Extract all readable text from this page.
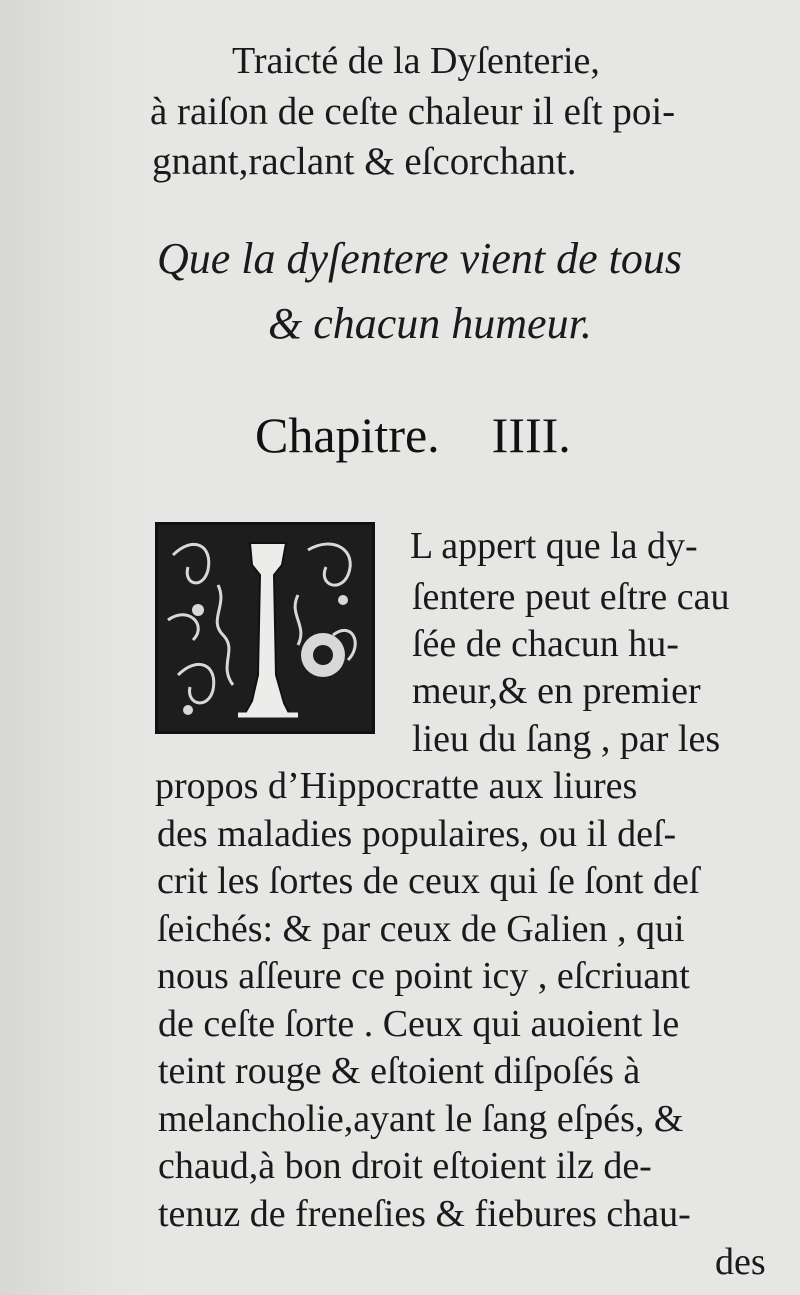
Traicté de la Dyſenterie,
à raiſon de ceſte chaleur il eſt poi-
gnant,raclant & eſcorchant.
Que la dyſentere vient de tous
& chacun humeur.
Chapitre. IIII.
L appert que la dy-
ſentere peut eſtre cau
ſée de chacun hu-
meur,& en premier
lieu du ſang , par les
propos d’Hippocratte aux liures
des maladies populaires, ou il deſ-
crit les ſortes de ceux qui ſe ſont deſ
ſeichés: & par ceux de Galien , qui
nous aſſeure ce point icy , eſcriuant
de ceſte ſorte . Ceux qui auoient le
teint rouge & eſtoient diſpoſés à
melancholie,ayant le ſang eſpés, &
chaud,à bon droit eſtoient ilz de-
tenuz de freneſies & fiebures chau-
des
